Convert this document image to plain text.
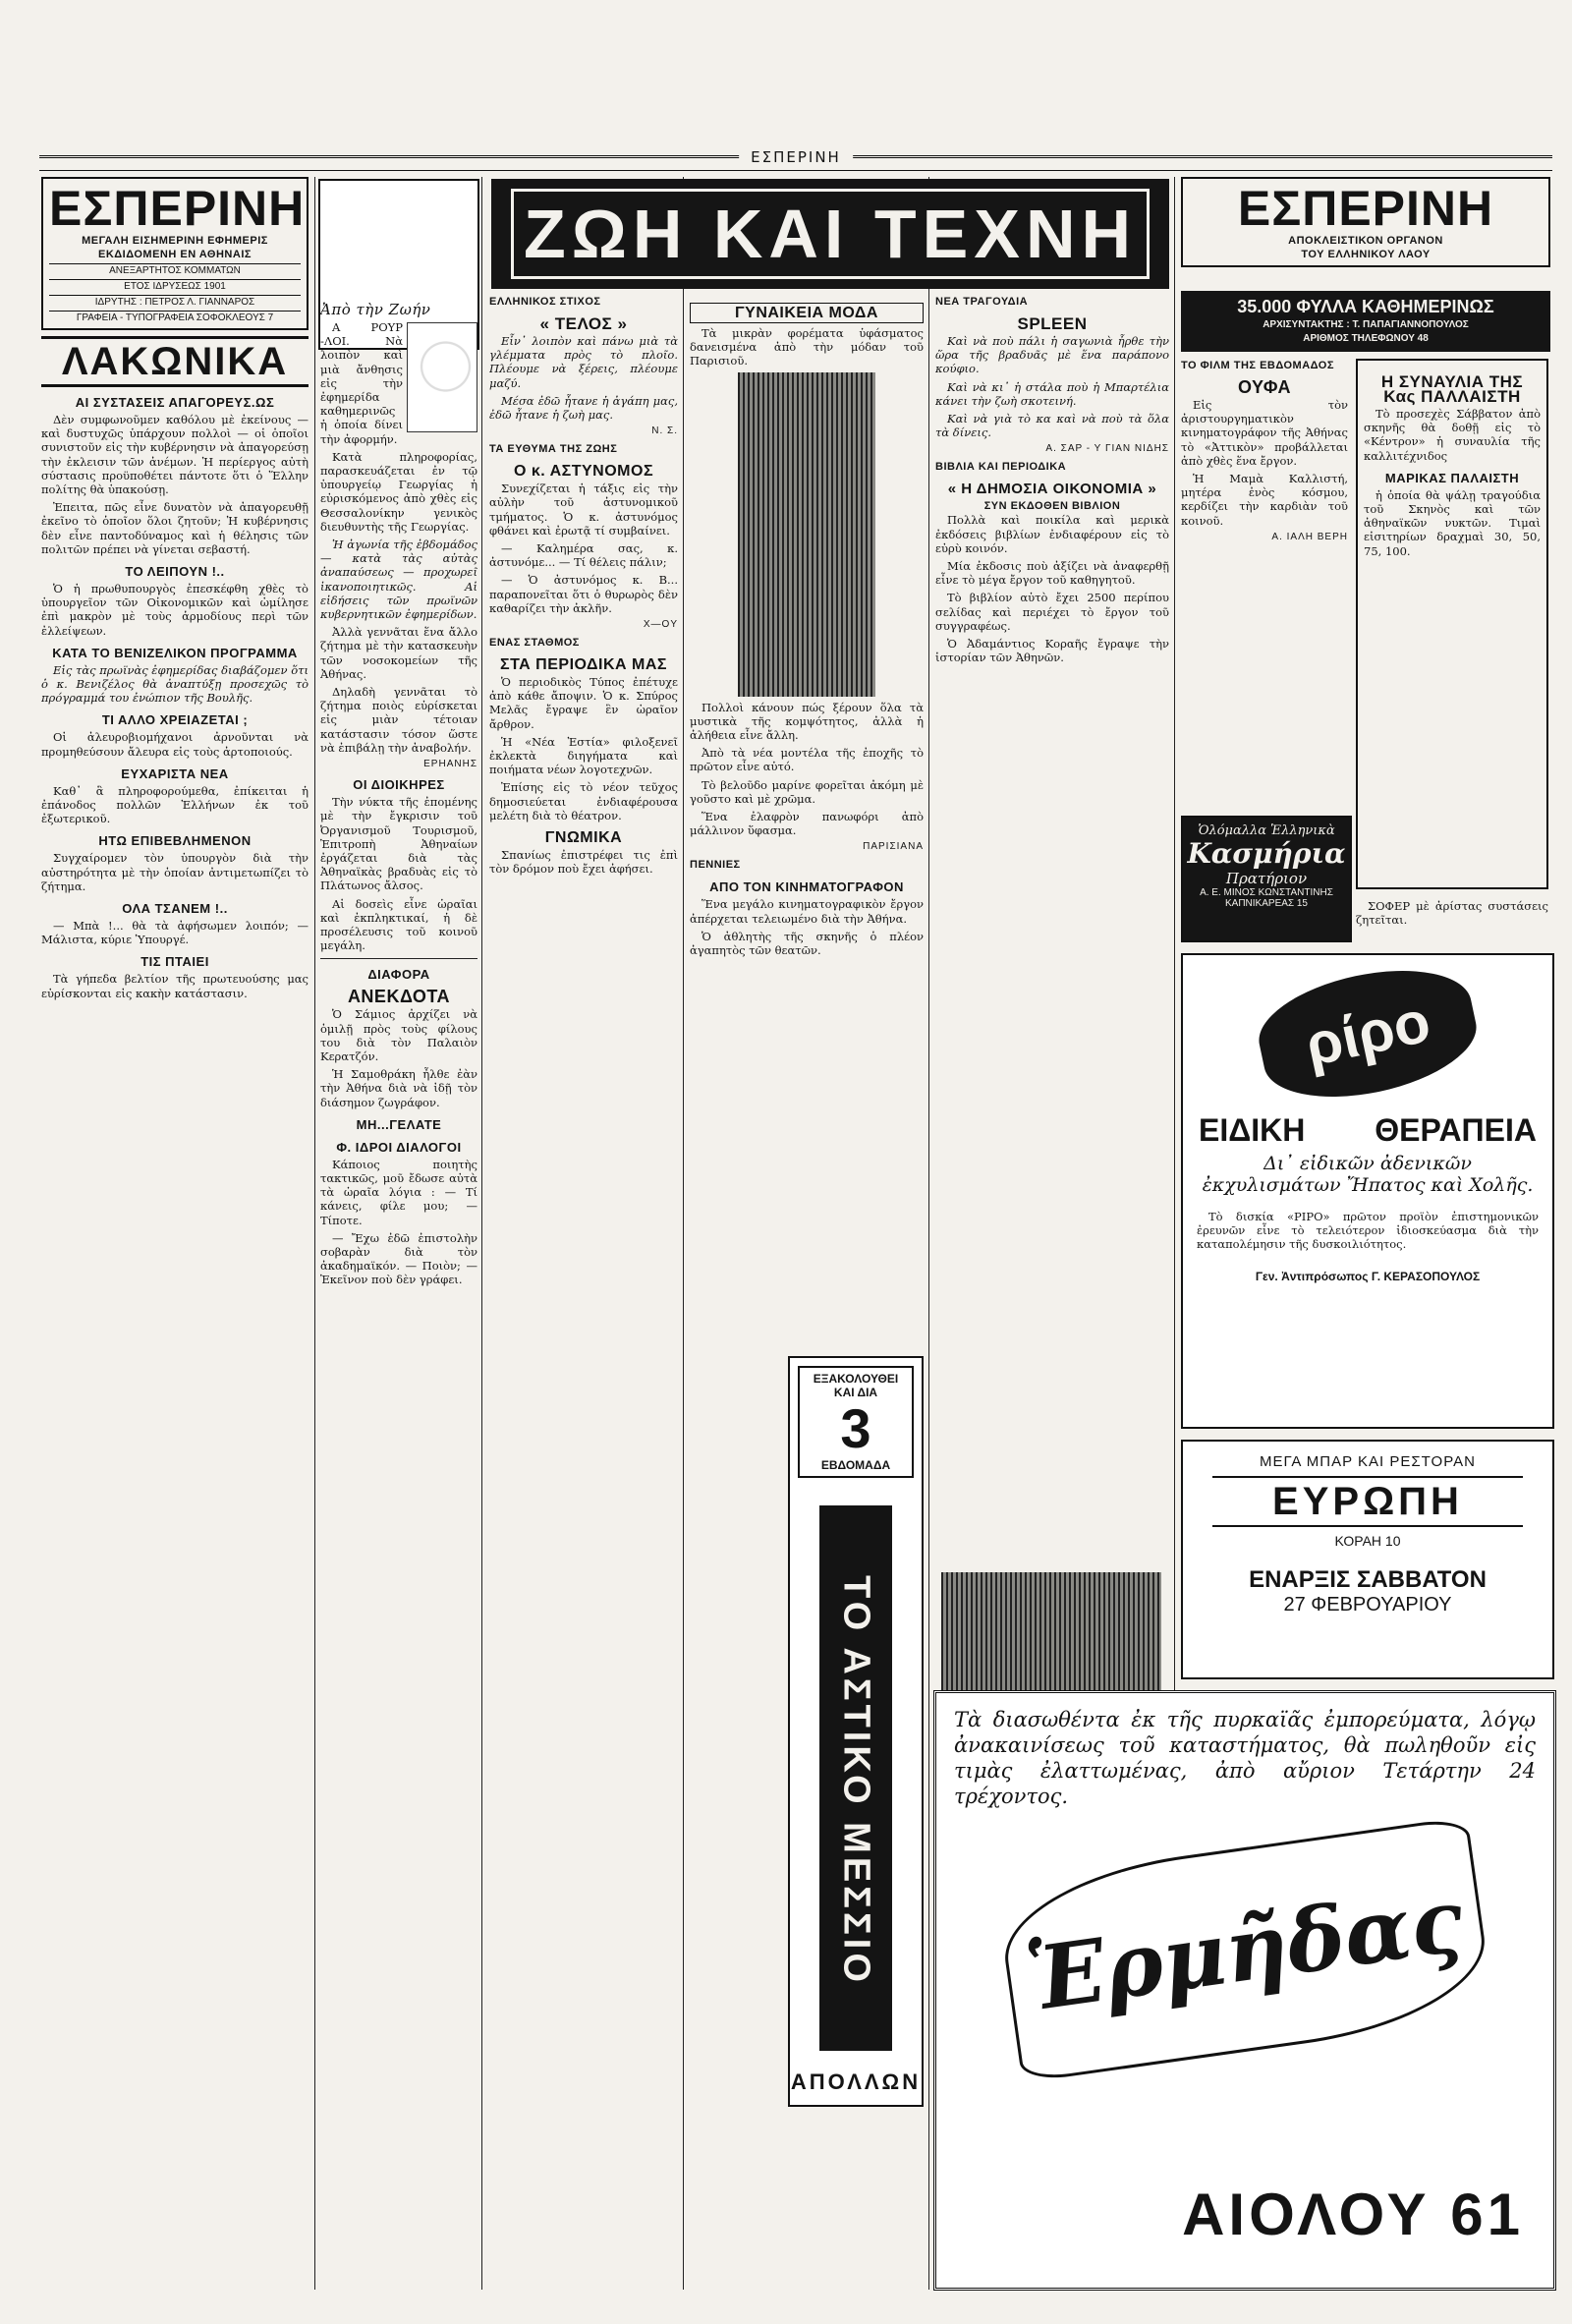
ΕΣΠΕΡΙΝΗ
ΖΩΗ ΚΑΙ ΤΕΧΝΗ
ΕΣΠΕΡΙΝΗ
ΜΕΓΑΛΗ ΕΙΣΗΜΕΡΙΝΗ ΕΦΗΜΕΡΙΣ
ΕΚΔΙΔΟΜΕΝΗ ΕΝ ΑΘΗΝΑΙΣ
ΑΝΕΞΑΡΤΗΤΟΣ ΚΟΜΜΑΤΩΝ
ΕΤΟΣ ΙΔΡΥΣΕΩΣ 1901
ΙΔΡΥΤΗΣ : ΠΕΤΡΟΣ Λ. ΓΙΑΝΝΑΡΟΣ
ΓΡΑΦΕΙΑ - ΤΥΠΟΓΡΑΦΕΙΑ ΣΟΦΟΚΛΕΟΥΣ 7
ΛΑΚΩΝΙΚΑ
ΑΙ ΣΥΣΤΑΣΕΙΣ ΑΠΑΓΟΡΕΥΣ.ΩΣ

Δὲν συμφωνοῦμεν καθόλου μὲ ἐκείνους — καὶ δυστυχῶς ὑπάρχουν πολλοὶ — οἱ ὁποῖοι συνιστοῦν εἰς τὴν κυβέρνησιν νὰ ἀπαγορεύσῃ τὴν ἐκλεισιν τῶν ἀνέμων. Ἡ περίεργος αὐτὴ σύστασις προϋποθέτει πάντοτε ὅτι ὁ Ἕλλην πολίτης θὰ ὑπακούσῃ.

Ἐπειτα, πῶς εἶνε δυνατὸν νὰ ἀπαγορευθῇ ἐκεῖνο τὸ ὁποῖον ὅλοι ζητοῦν; Ἡ κυβέρνησις δὲν εἶνε παντοδύναμος καὶ ἡ θέλησις τῶν πολιτῶν πρέπει νὰ γίνεται σεβαστή.

ΤΟ ΛΕΙΠΟΥΝ !..

Ὁ ἡ πρωθυπουργὸς ἐπεσκέφθη χθὲς τὸ ὑπουργεῖον τῶν Οἰκονομικῶν καὶ ὡμίλησε ἐπὶ μακρὸν μὲ τοὺς ἁρμοδίους περὶ τῶν ἐλλείψεων.

ΚΑΤΑ ΤΟ ΒΕΝΙΖΕΛΙΚΟΝ ΠΡΟΓΡΑΜΜΑ

Εἰς τὰς πρωϊνὰς ἐφημερίδας διαβάζομεν ὅτι ὁ κ. Βενιζέλος θὰ ἀναπτύξῃ προσεχῶς τὸ πρόγραμμά του ἐνώπιον τῆς Βουλῆς.

ΤΙ ΑΛΛΟ ΧΡΕΙΑΖΕΤΑΙ ;

Οἱ ἀλευροβιομήχανοι ἀρνοῦνται νὰ προμηθεύσουν ἄλευρα εἰς τοὺς ἀρτοποιούς.

ΕΥΧΑΡΙΣΤΑ ΝΕΑ

Καθ᾽ ἃ πληροφορούμεθα, ἐπίκειται ἡ ἐπάνοδος πολλῶν Ἑλλήνων ἐκ τοῦ ἐξωτερικοῦ.

ΗΤΩ ΕΠΙΒΕΒΛΗΜΕΝΟΝ

Συγχαίρομεν τὸν ὑπουργὸν διὰ τὴν αὐστηρότητα μὲ τὴν ὁποίαν ἀντιμετωπίζει τὸ ζήτημα.

ΟΛΑ ΤΣΑΝΕΜ !..

— Μπὰ !... θὰ τὰ ἀφήσωμεν λοιπόν; — Μάλιστα, κύριε Ὑπουργέ.

ΤΙΣ ΠΤΑΙΕΙ

Τὰ γήπεδα βελτίον τῆς πρωτευούσης μας εὑρίσκονται εἰς κακὴν κατάστασιν.

Ἀπὸ τὴν Ζωήν

Α ΡΟΥΡ -ΛΟΙ. Νὰ λοιπὸν καὶ μιὰ ἄνθησις εἰς τὴν ἐφημερίδα καθημερινῶς ἡ ὁποία δίνει τὴν ἀφορμήν.

Κατὰ πληροφορίας, παρασκευάζεται ἐν τῷ ὑπουργείῳ Γεωργίας ἡ εὐρισκόμενος ἀπὸ χθὲς εἰς Θεσσαλονίκην γενικὸς διευθυντὴς τῆς Γεωργίας.

Ἡ ἀγωνία τῆς ἐβδομάδος — κατὰ τὰς αὐτὰς ἀναπαύσεως — προχωρεῖ ἱκανοποιητικῶς. Αἱ εἰδήσεις τῶν πρωϊνῶν κυβερνητικῶν ἐφημερίδων.

Ἀλλὰ γεννᾶται ἕνα ἄλλο ζήτημα μὲ τὴν κατασκευὴν τῶν νοσοκομείων τῆς Ἀθήνας.

Δηλαδὴ γεννᾶται τὸ ζήτημα ποιὸς εὐρίσκεται εἰς μιὰν τέτοιαν κατάστασιν τόσον ὥστε νὰ ἐπιβάλῃ τὴν ἀναβολήν.

ΕΡΗΑΝΗΣ
ΟΙ ΔΙΟΙΚΗΡΕΣ

Τὴν νύκτα τῆς ἐπομένης μὲ τὴν ἔγκρισιν τοῦ Ὀργανισμοῦ Τουρισμοῦ, Ἐπιτροπὴ Ἀθηναίων ἐργάζεται διὰ τὰς Ἀθηναϊκὰς βραδυὰς εἰς τὸ Πλάτωνος ἄλσος.

Αἱ δοσεὶς εἶνε ὡραῖαι καὶ ἐκπληκτικαί, ἡ δὲ προσέλευσις τοῦ κοινοῦ μεγάλη.

ΔΙΑΦΟΡΑ
ΑΝΕΚΔΟΤΑ

Ὁ Σάμιος ἀρχίζει νὰ ὁμιλῇ πρὸς τοὺς φίλους του διὰ τὸν Παλαιὸν Κερατζόν.

Ἡ Σαμοθράκη ἦλθε ἐὰν τὴν Ἀθήνα διὰ νὰ ἰδῇ τὸν διάσημον ζωγράφον.

ΜΗ...ΓΕΛΑΤΕ
Φ. ΙΔΡΟΙ ΔΙΑΛΟΓΟΙ

Κάποιος ποιητὴς τακτικῶς, μοῦ ἔδωσε αὐτὰ τὰ ὡραῖα λόγια : — Τί κάνεις, φίλε μου; — Τίποτε.

— Ἔχω ἐδῶ ἐπιστολὴν σοβαρὰν διὰ τὸν ἀκαδημαϊκόν. — Ποιὸν; — Ἐκεῖνον ποὺ δὲν γράφει.

ΕΛΛΗΝΙΚΟΣ ΣΤΙΧΟΣ
« ΤΕΛΟΣ »

Εἶν᾽ λοιπὸν καὶ πάνω μιὰ τὰ γλέμματα πρὸς τὸ πλοῖο. Πλέουμε νὰ ξέρεις, πλέουμε μαζύ.

Μέσα ἐδῶ ἦτανε ἡ ἀγάπη μας, ἐδῶ ἦτανε ἡ ζωὴ μας.

Ν. Σ.
ΤΑ ΕΥΘΥΜΑ ΤΗΣ ΖΩΗΣ
Ο κ. ΑΣΤΥΝΟΜΟΣ

Συνεχίζεται ἡ τάξις εἰς τὴν αὐλὴν τοῦ ἀστυνομικοῦ τμήματος. Ὁ κ. ἀστυνόμος φθάνει καὶ ἐρωτᾷ τί συμβαίνει.

— Καλημέρα σας, κ. ἀστυνόμε... — Τί θέλεις πάλιν;

— Ὁ ἀστυνόμος κ. Β... παραπονεῖται ὅτι ὁ θυρωρὸς δὲν καθαρίζει τὴν ἀκλῆν.

X—OY
ΕΝΑΣ ΣΤΑΘΜΟΣ
ΣΤΑ ΠΕΡΙΟΔΙΚΑ ΜΑΣ

Ὁ περιοδικὸς Τύπος ἐπέτυχε ἀπὸ κάθε ἄποψιν. Ὁ κ. Σπύρος Μελᾶς ἔγραψε ἓν ὡραῖον ἄρθρον.

Ἡ «Νέα Ἑστία» φιλοξενεῖ ἐκλεκτὰ διηγήματα καὶ ποιήματα νέων λογοτεχνῶν.

Ἐπίσης εἰς τὸ νέον τεῦχος δημοσιεύεται ἐνδιαφέρουσα μελέτη διὰ τὸ θέατρον.

ΓΝΩΜΙΚΑ

Σπανίως ἐπιστρέφει τις ἐπὶ τὸν δρόμον ποὺ ἔχει ἀφήσει.

ΓΥΝΑΙΚΕΙΑ ΜΟΔΑ

Τὰ μικρὰν φορέματα ὑφάσματος δανεισμένα ἀπὸ τὴν μόδαν τοῦ Παρισιοῦ.

Πολλοὶ κάνουν πώς ξέρουν ὅλα τὰ μυστικὰ τῆς κομψότητος, ἀλλὰ ἡ ἀλήθεια εἶνε ἄλλη.

Ἀπὸ τὰ νέα μοντέλα τῆς ἐποχῆς τὸ πρῶτον εἶνε αὐτό.

Τὸ βελοῦδο μαρίνε φορεῖται ἀκόμη μὲ γοῦστο καὶ μὲ χρῶμα.

Ἕνα ἐλαφρὸν πανωφόρι ἀπὸ μάλλινον ὕφασμα.

ΠΑΡΙΣΙΑΝΑ
ΠΕΝΝΙΕΣ
ΑΠΟ ΤΟΝ ΚΙΝΗΜΑΤΟΓΡΑΦΟΝ

Ἕνα μεγάλο κινηματογραφικὸν ἔργον ἀπέρχεται τελειωμένο διὰ τὴν Ἀθήνα.

Ὁ ἀθλητὴς τῆς σκηνῆς ὁ πλέον ἀγαπητὸς τῶν θεατῶν.

ΕΞΑΚΟΛΟΥΘΕΙ
ΚΑΙ ΔΙΑ
3
ΕΒΔΟΜΑΔΑ
ΤΟ ΑΣΤΙΚΟ ΜΕΣΣΙΟ
ΑΠΟΛΛΩΝ
ΝΕΑ ΤΡΑΓΟΥΔΙΑ
SPLEEN

Καὶ νὰ ποὺ πάλι ἡ σαγωνιὰ ἦρθε τὴν ὥρα τῆς βραδυᾶς μὲ ἕνα παράπονο κούφιο.

Καὶ νὰ κι᾽ ἡ στάλα ποὺ ἡ Μπαρτέλια κάνει τὴν ζωὴ σκοτεινή.

Καὶ νὰ γιὰ τὸ κα καὶ νὰ ποὺ τὰ ὅλα τὰ δίνεις.

Α. ΣΑΡ - Υ ΓΙΑΝ ΝΙΔΗΣ
ΒΙΒΛΙΑ ΚΑΙ ΠΕΡΙΟΔΙΚΑ
« Η ΔΗΜΟΣΙΑ ΟΙΚΟΝΟΜΙΑ »
ΣΥΝ ΕΚΔΟΘΕΝ ΒΙΒΛΙΟΝ

Πολλὰ καὶ ποικίλα καὶ μερικὰ ἐκδόσεις βιβλίων ἐνδιαφέρουν εἰς τὸ εὐρὺ κοινόν.

Μία ἐκδοσις ποὺ ἀξίζει νὰ ἀναφερθῇ εἶνε τὸ μέγα ἔργον τοῦ καθηγητοῦ.

Τὸ βιβλίον αὐτὸ ἔχει 2500 περίπου σελίδας καὶ περιέχει τὸ ἔργον τοῦ συγγραφέως.

Ὁ Ἀδαμάντιος Κοραῆς ἔγραψε τὴν ἱστορίαν τῶν Ἀθηνῶν.

ΕΣΠΕΡΙΝΗ
ΑΠΟΚΛΕΙΣΤΙΚΟΝ ΟΡΓΑΝΟΝ
ΤΟΥ ΕΛΛΗΝΙΚΟΥ ΛΑΟΥ
35.000 ΦΥΛΛΑ ΚΑΘΗΜΕΡΙΝΩΣ
ΑΡΧΙΣΥΝΤΑΚΤΗΣ : Τ. ΠΑΠΑΓΙΑΝΝΟΠΟΥΛΟΣ
ΑΡΙΘΜΟΣ ΤΗΛΕΦΩΝΟΥ 48
ΤΟ ΦΙΛΜ ΤΗΣ ΕΒΔΟΜΑΔΟΣ
ΟΥΦΑ

Εἰς τὸν ἀριστουργηματικὸν κινηματογράφον τῆς Ἀθήνας τὸ «Ἀττικὸν» προβάλλεται ἀπὸ χθὲς ἕνα ἔργον.

Ἡ Μαμὰ Καλλιστή, μητέρα ἐνὸς κόσμου, κερδίζει τὴν καρδιὰν τοῦ κοινοῦ.

Α. ΙΑΛΗ ΒΕΡΗ
Η ΣΥΝΑΥΛΙΑ ΤΗΣ Κας ΠΑΛΛΑΙΣΤΗ

Τὸ προσεχὲς Σάββατον ἀπὸ σκηνῆς θὰ δοθῇ εἰς τὸ «Κέντρον» ἡ συναυλία τῆς καλλιτέχνιδος

ΜΑΡΙΚΑΣ ΠΑΛΑΙΣΤΗ

ἡ ὁποία θὰ ψάλῃ τραγούδια τοῦ Σκηνὸς καὶ τῶν ἀθηναϊκῶν νυκτῶν. Τιμαὶ εἰσιτηρίων δραχμαὶ 30, 50, 75, 100.

ΣΟΦΕΡ μὲ ἀρίστας συστάσεις ζητεῖται.

Ὁλόμαλλα Ἑλληνικὰ
Κασμήρια
Πρατήριον
Α. Ε. ΜΙΝΟΣ ΚΩΝΣΤΑΝΤΙΝΗΣ
ΚΑΠΝΙΚΑΡΕΑΣ 15
ρίρο
ΕΙΔΙΚΗ ΘΕΡΑΠΕΙΑ
Δι᾽ εἰδικῶν ἀδενικῶν ἐκχυλισμάτων Ἤπατος καὶ Χολῆς.

Τὸ δισκία «ΡΙΡΟ» πρῶτον προϊὸν ἐπιστημονικῶν ἐρευνῶν εἶνε τὸ τελειότερον ἰδιοσκεύασμα διὰ τὴν καταπολέμησιν τῆς δυσκοιλιότητος.

Γεν. Ἀντιπρόσωπος Γ. ΚΕΡΑΣΟΠΟΥΛΟΣ
ΜΕΓΑ ΜΠΑΡ ΚΑΙ ΡΕΣΤΟΡΑΝ
ΕΥΡΩΠΗ
ΚΟΡΑΗ 10
ΕΝΑΡΞΙΣ ΣΑΒΒΑΤΟΝ
27 ΦΕΒΡΟΥΑΡΙΟΥ
Τὰ διασωθέντα ἐκ τῆς πυρκαϊᾶς ἐμπορεύματα, λόγῳ ἀνακαινίσεως τοῦ καταστήματος, θὰ πωληθοῦν εἰς τιμὰς ἐλαττωμένας, ἀπὸ αὔριον Τετάρτην 24 τρέχοντος.
Ἑρμῆδας
ΑΙΟΛΟΥ 61
